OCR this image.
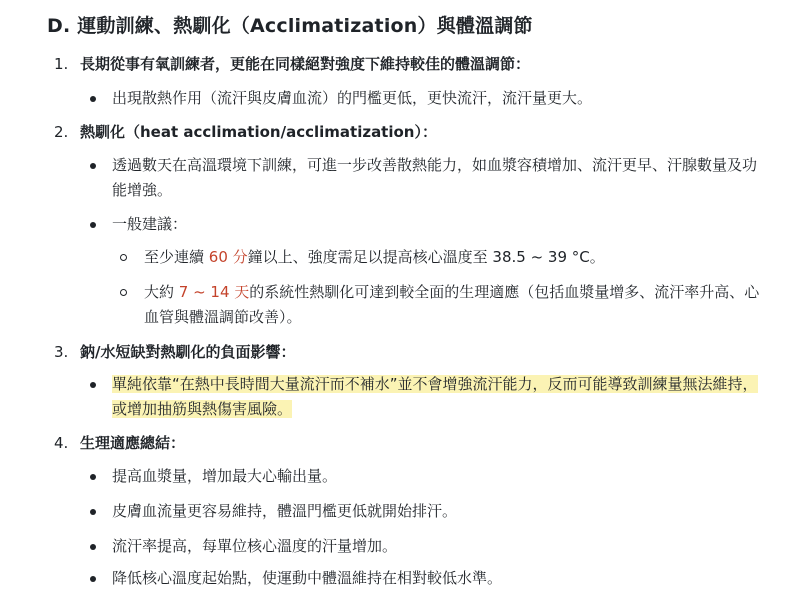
D. 運動訓練、熱馴化（Acclimatization）與體溫調節
1. 長期從事有氧訓練者，更能在同樣絕對強度下維持較佳的體溫調節：
出現散熱作用（流汗與皮膚血流）的門檻更低，更快流汗，流汗量更大。
2. 熱馴化（heat acclimation/acclimatization）：
透過數天在高溫環境下訓練，可進一步改善散熱能力，如血漿容積增加、流汗更早、汗腺數量及功能增強。
一般建議：
至少連續 60 分鐘以上、強度需足以提高核心溫度至 38.5 ~ 39 °C。
大約 7 ~ 14 天的系統性熱馴化可達到較全面的生理適應（包括血漿量增多、流汗率升高、心血管與體溫調節改善）。
3. 鈉/水短缺對熱馴化的負面影響：
單純依靠“在熱中長時間大量流汗而不補水”並不會增強流汗能力，反而可能導致訓練量無法維持，或增加抽筋與熱傷害風險。
4. 生理適應總結：
提高血漿量，增加最大心輸出量。
皮膚血流量更容易維持，體溫門檻更低就開始排汗。
流汗率提高，每單位核心溫度的汗量增加。
降低核心溫度起始點，使運動中體溫維持在相對較低水準。
